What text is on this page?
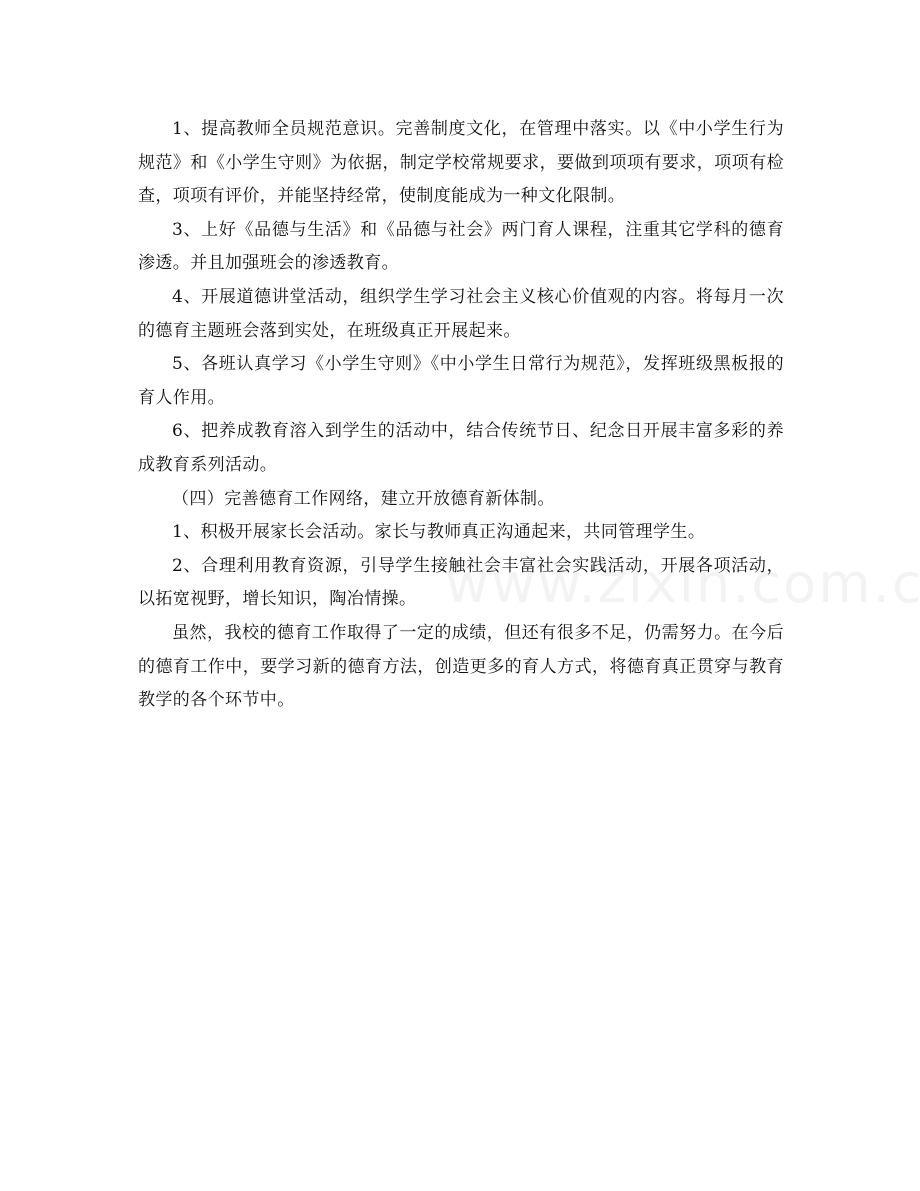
1、提高教师全员规范意识。完善制度文化，在管理中落实。以《中小学生行为规范》和《小学生守则》为依据，制定学校常规要求，要做到项项有要求，项项有检查，项项有评价，并能坚持经常，使制度能成为一种文化限制。

3、上好《品德与生活》和《品德与社会》两门育人课程，注重其它学科的德育渗透。并且加强班会的渗透教育。

4、开展道德讲堂活动，组织学生学习社会主义核心价值观的内容。将每月一次的德育主题班会落到实处，在班级真正开展起来。

5、各班认真学习《小学生守则》《中小学生日常行为规范》，发挥班级黑板报的育人作用。

6、把养成教育溶入到学生的活动中，结合传统节日、纪念日开展丰富多彩的养成教育系列活动。

（四）完善德育工作网络，建立开放德育新体制。

1、积极开展家长会活动。家长与教师真正沟通起来，共同管理学生。

2、合理利用教育资源，引导学生接触社会丰富社会实践活动，开展各项活动，以拓宽视野，增长知识，陶冶情操。

虽然，我校的德育工作取得了一定的成绩，但还有很多不足，仍需努力。在今后的德育工作中，要学习新的德育方法，创造更多的育人方式，将德育真正贯穿与教育教学的各个环节中。
